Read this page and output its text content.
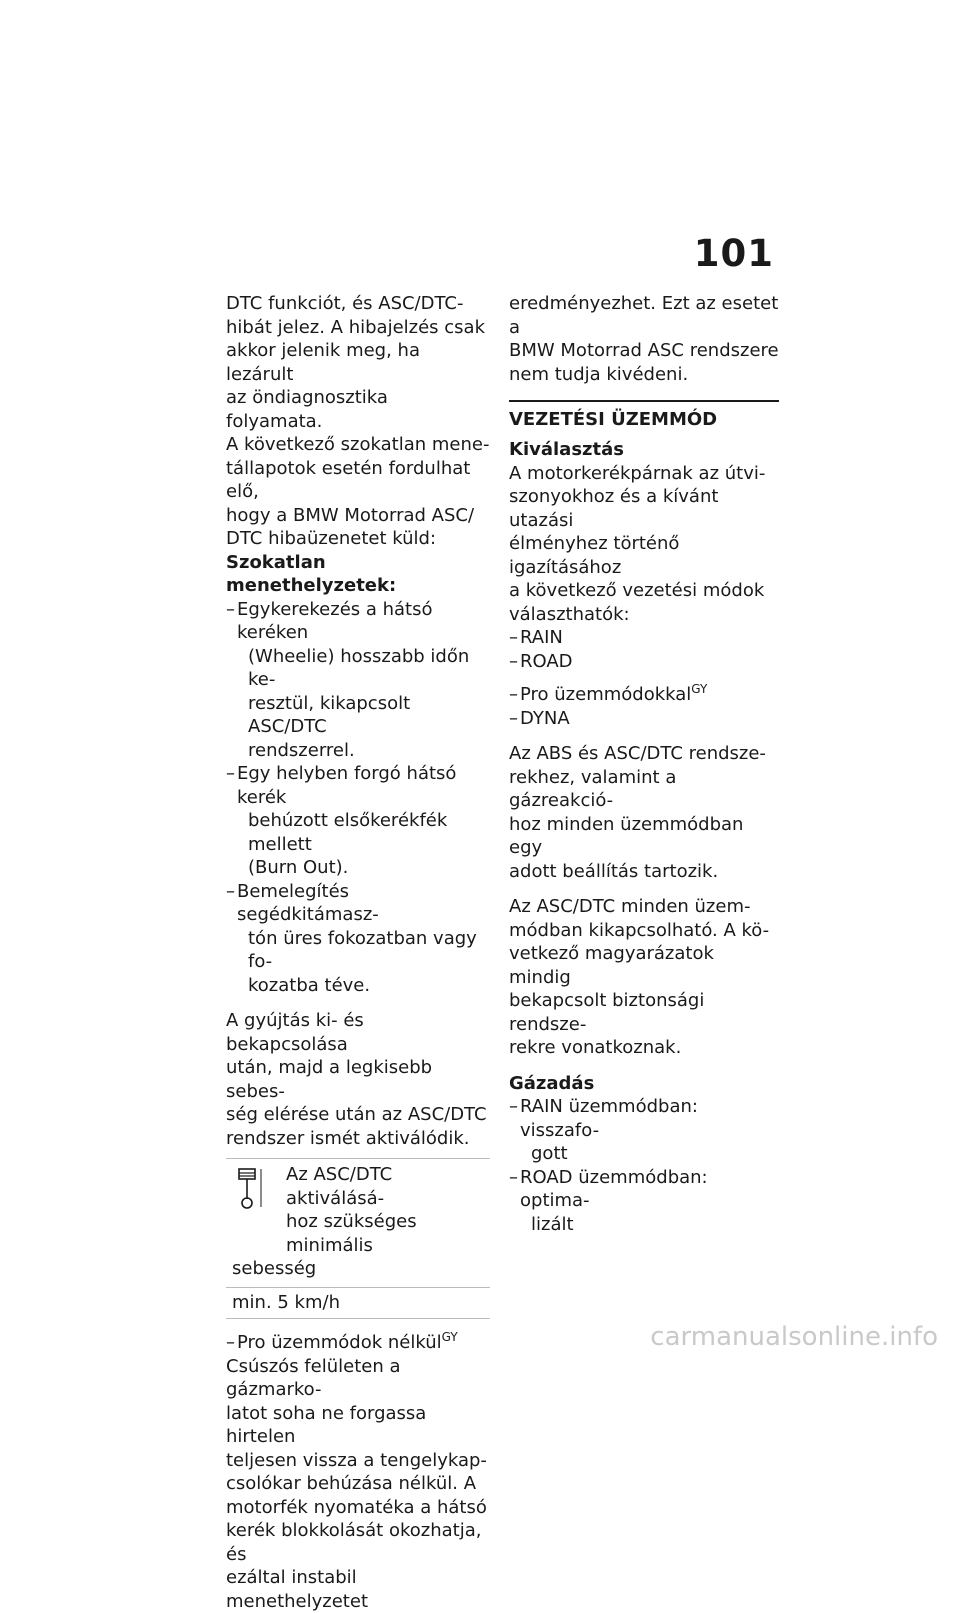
101

DTC funkciót, és ASC/DTC-
hibát jelez. A hibajelzés csak
akkor jelenik meg, ha lezárult
az öndiagnosztika folyamata.

A következő szokatlan mene-
tállapotok esetén fordulhat elő,
hogy a BMW Motorrad ASC/
DTC hibaüzenetet küld:

Szokatlan menethelyzetek:

– Egykerekezés a hátsó keréken
(Wheelie) hosszabb időn ke-
resztül, kikapcsolt ASC/DTC
rendszerrel.
– Egy helyben forgó hátsó kerék
behúzott elsőkerékfék mellett
(Burn Out).
– Bemelegítés segédkitámasz-
tón üres fokozatban vagy fo-
kozatba téve.

A gyújtás ki- és bekapcsolása
után, majd a legkisebb sebes-
ség elérése után az ASC/DTC
rendszer ismét aktiválódik.

Az ASC/DTC aktiválásá-
hoz szükséges minimális
sebesség
min. 5 km/h
– Pro üzemmódok nélkül$^{GY}$

Csúszós felületen a gázmarko-
latot soha ne forgassa hirtelen
teljesen vissza a tengelykap-
csolókar behúzása nélkül. A
motorfék nyomatéka a hátsó
kerék blokkolását okozhatja, és
ezáltal instabil menethelyzetet

eredményezhet. Ezt az esetet a
BMW Motorrad ASC rendszere
nem tudja kivédeni.

VEZETÉSI ÜZEMMÓD

Kiválasztás

A motorkerékpárnak az útvi-
szonyokhoz és a kívánt utazási
élményhez történő igazításához
a következő vezetési módok
választhatók:

– RAIN
– ROAD
– Pro üzemmódokkal$^{GY}$
– DYNA

Az ABS és ASC/DTC rendsze-
rekhez, valamint a gázreakció-
hoz minden üzemmódban egy
adott beállítás tartozik.

Az ASC/DTC minden üzem-
módban kikapcsolható. A kö-
vetkező magyarázatok mindig
bekapcsolt biztonsági rendsze-
rekre vonatkoznak.

Gázadás

– RAIN üzemmódban: visszafo-
gott
– ROAD üzemmódban: optima-
lizált
carmanualsonline.info
